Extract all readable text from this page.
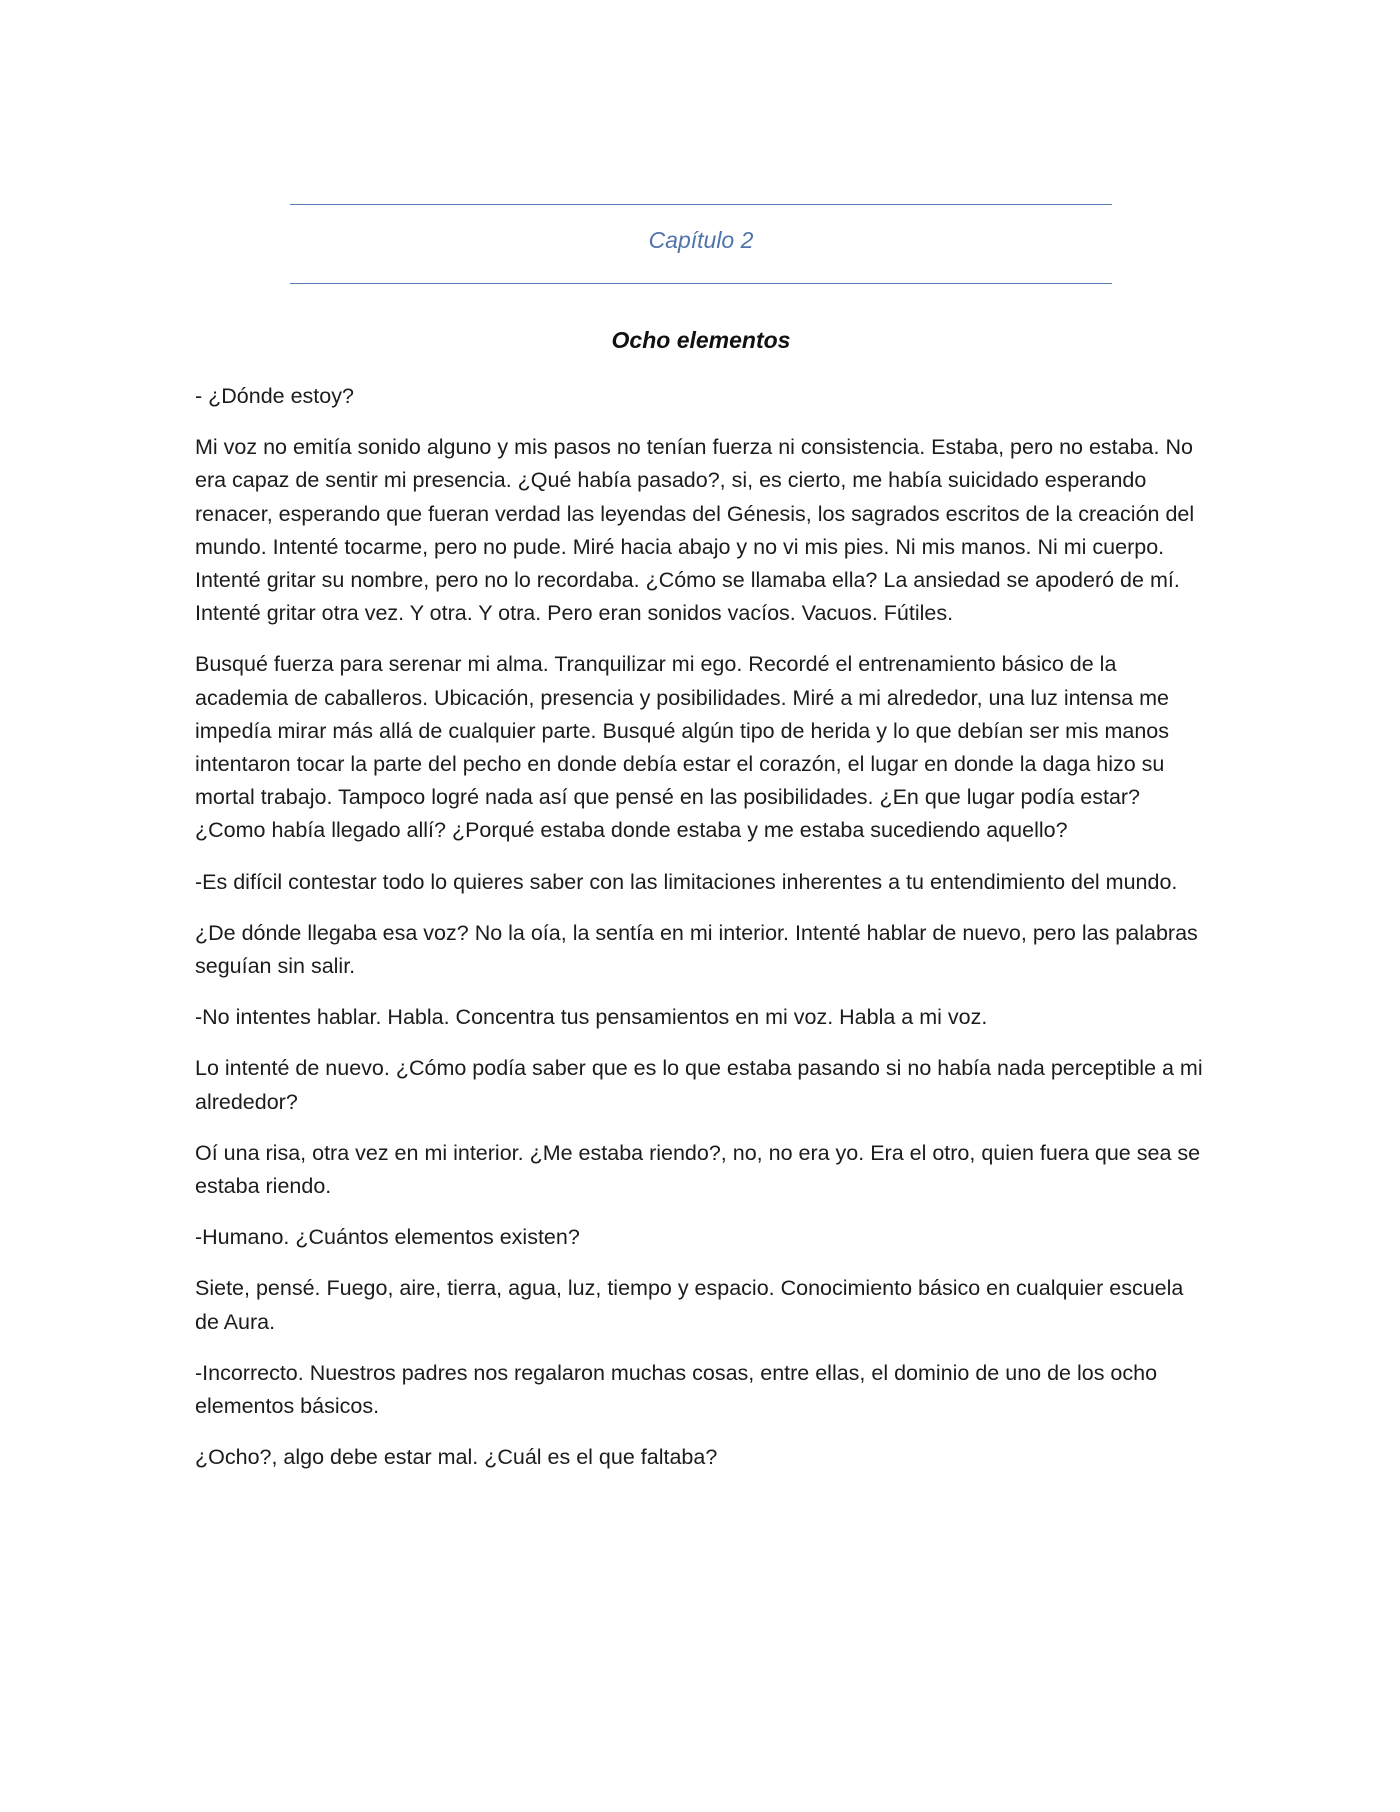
Capítulo 2
Ocho elementos

- ¿Dónde estoy?

Mi voz no emitía sonido alguno y mis pasos no tenían fuerza ni consistencia. Estaba, pero no estaba. No era capaz de sentir mi presencia. ¿Qué había pasado?, si, es cierto, me había suicidado esperando renacer, esperando que fueran verdad las leyendas del Génesis, los sagrados escritos de la creación del mundo. Intenté tocarme, pero no pude. Miré hacia abajo y no vi mis pies. Ni mis manos. Ni mi cuerpo. Intenté gritar su nombre, pero no lo recordaba. ¿Cómo se llamaba ella? La ansiedad se apoderó de mí. Intenté gritar otra vez. Y otra. Y otra. Pero eran sonidos vacíos. Vacuos. Fútiles.

Busqué fuerza para serenar mi alma. Tranquilizar mi ego. Recordé el entrenamiento básico de la academia de caballeros. Ubicación, presencia y posibilidades. Miré a mi alrededor, una luz intensa me impedía mirar más allá de cualquier parte. Busqué algún tipo de herida y lo que debían ser mis manos intentaron tocar la parte del pecho en donde debía estar el corazón, el lugar en donde la daga hizo su mortal trabajo. Tampoco logré nada así que pensé en las posibilidades. ¿En que lugar podía estar? ¿Como había llegado allí? ¿Porqué estaba donde estaba y me estaba sucediendo aquello?

-Es difícil contestar todo lo quieres saber con las limitaciones inherentes a tu entendimiento del mundo.

¿De dónde llegaba esa voz? No la oía, la sentía en mi interior. Intenté hablar de nuevo, pero las palabras seguían sin salir.

-No intentes hablar. Habla. Concentra tus pensamientos en mi voz. Habla a mi voz.

Lo intenté de nuevo. ¿Cómo podía saber que es lo que estaba pasando si no había nada perceptible a mi alrededor?

Oí una risa, otra vez en mi interior. ¿Me estaba riendo?, no, no era yo. Era el otro, quien fuera que sea se estaba riendo.

-Humano. ¿Cuántos elementos existen?

Siete, pensé. Fuego, aire, tierra, agua, luz, tiempo y espacio. Conocimiento básico en cualquier escuela de Aura.

-Incorrecto. Nuestros padres nos regalaron muchas cosas, entre ellas, el dominio de uno de los ocho elementos básicos.

¿Ocho?, algo debe estar mal. ¿Cuál es el que faltaba?
